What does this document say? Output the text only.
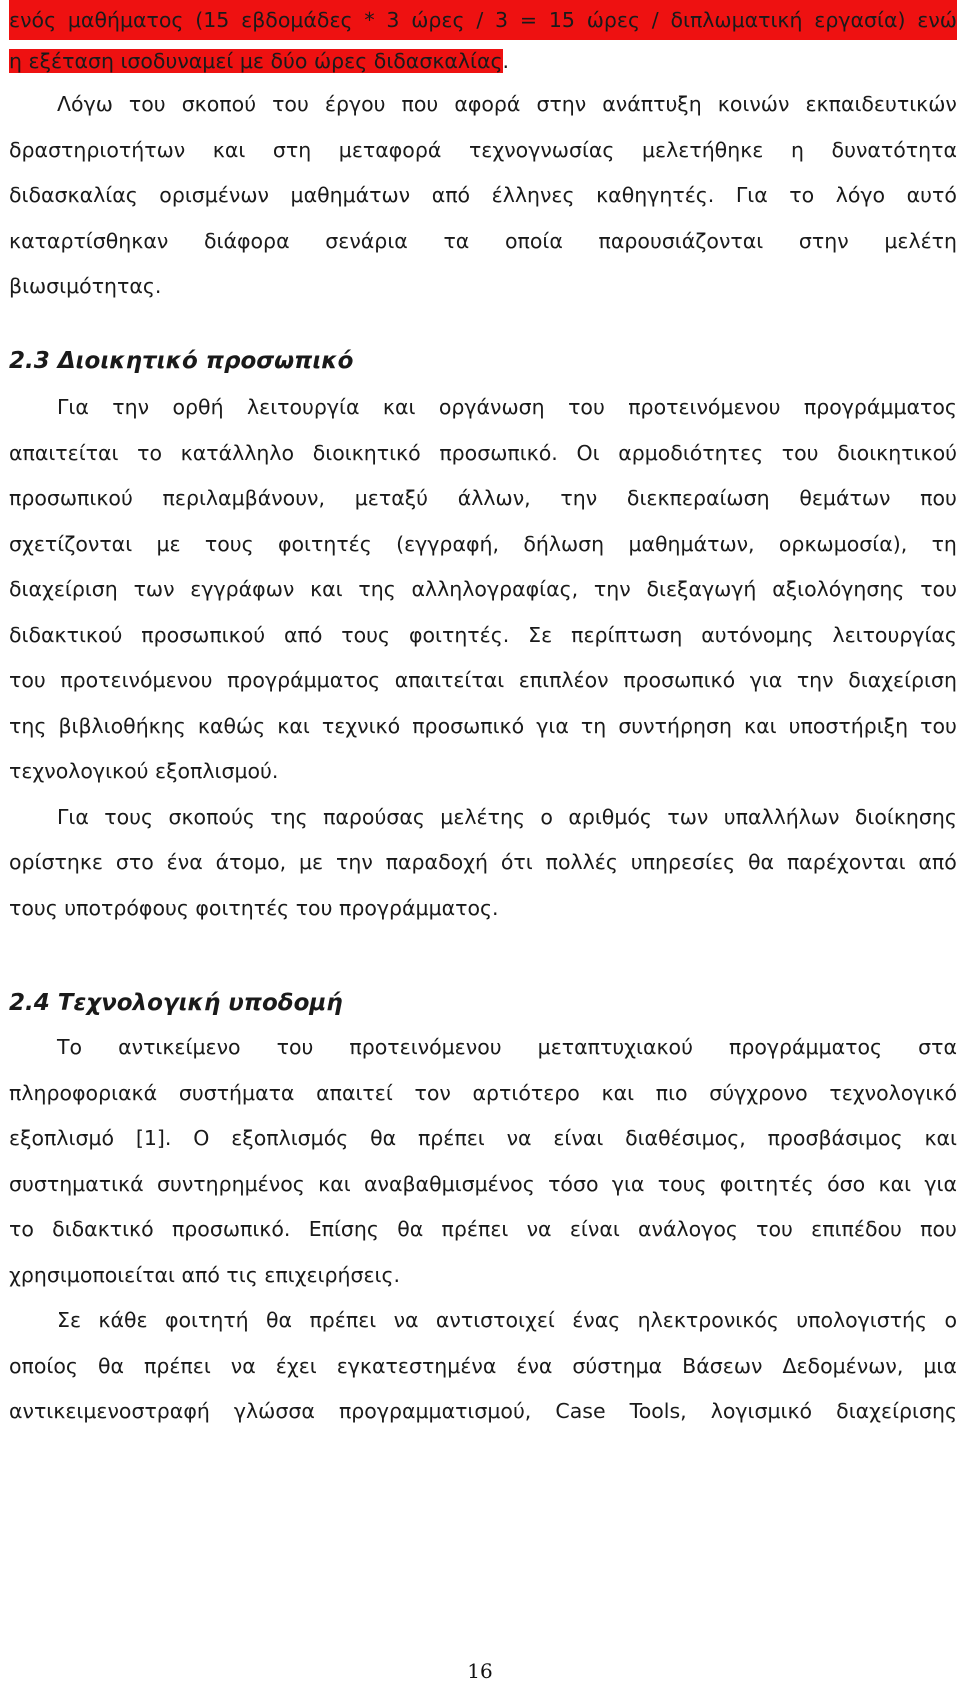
ενός μαθήματος (15 εβδομάδες * 3 ώρες / 3 = 15 ώρες / διπλωματική εργασία) ενώ
η εξέταση ισοδυναμεί με δύο ώρες διδασκαλίας.
Λόγω του σκοπού του έργου που αφορά στην ανάπτυξη κοινών εκπαιδευτικών
δραστηριοτήτων και στη μεταφορά τεχνογνωσίας μελετήθηκε η δυνατότητα
διδασκαλίας ορισμένων μαθημάτων από έλληνες καθηγητές. Για το λόγο αυτό
καταρτίσθηκαν διάφορα σενάρια τα οποία παρουσιάζονται στην μελέτη
βιωσιμότητας.
2.3 Διοικητικό προσωπικό
Για την ορθή λειτουργία και οργάνωση του προτεινόμενου προγράμματος
απαιτείται το κατάλληλο διοικητικό προσωπικό. Οι αρμοδιότητες του διοικητικού
προσωπικού περιλαμβάνουν, μεταξύ άλλων, την διεκπεραίωση θεμάτων που
σχετίζονται με τους φοιτητές (εγγραφή, δήλωση μαθημάτων, ορκωμοσία), τη
διαχείριση των εγγράφων και της αλληλογραφίας, την διεξαγωγή αξιολόγησης του
διδακτικού προσωπικού από τους φοιτητές. Σε περίπτωση αυτόνομης λειτουργίας
του προτεινόμενου προγράμματος απαιτείται επιπλέον προσωπικό για την διαχείριση
της βιβλιοθήκης καθώς και τεχνικό προσωπικό για τη συντήρηση και υποστήριξη του
τεχνολογικού εξοπλισμού.
Για τους σκοπούς της παρούσας μελέτης ο αριθμός των υπαλλήλων διοίκησης
ορίστηκε στο ένα άτομο, με την παραδοχή ότι πολλές υπηρεσίες θα παρέχονται από
τους υποτρόφους φοιτητές του προγράμματος.
2.4 Τεχνολογική υποδομή
Το αντικείμενο του προτεινόμενου μεταπτυχιακού προγράμματος στα
πληροφοριακά συστήματα απαιτεί τον αρτιότερο και πιο σύγχρονο τεχνολογικό
εξοπλισμό [1]. Ο εξοπλισμός θα πρέπει να είναι διαθέσιμος, προσβάσιμος και
συστηματικά συντηρημένος και αναβαθμισμένος τόσο για τους φοιτητές όσο και για
το διδακτικό προσωπικό. Επίσης θα πρέπει να είναι ανάλογος του επιπέδου που
χρησιμοποιείται από τις επιχειρήσεις.
Σε κάθε φοιτητή θα πρέπει να αντιστοιχεί ένας ηλεκτρονικός υπολογιστής ο
οποίος θα πρέπει να έχει εγκατεστημένα ένα σύστημα Βάσεων Δεδομένων, μια
αντικειμενοστραφή γλώσσα προγραμματισμού, Case Tools, λογισμικό διαχείρισης
16
